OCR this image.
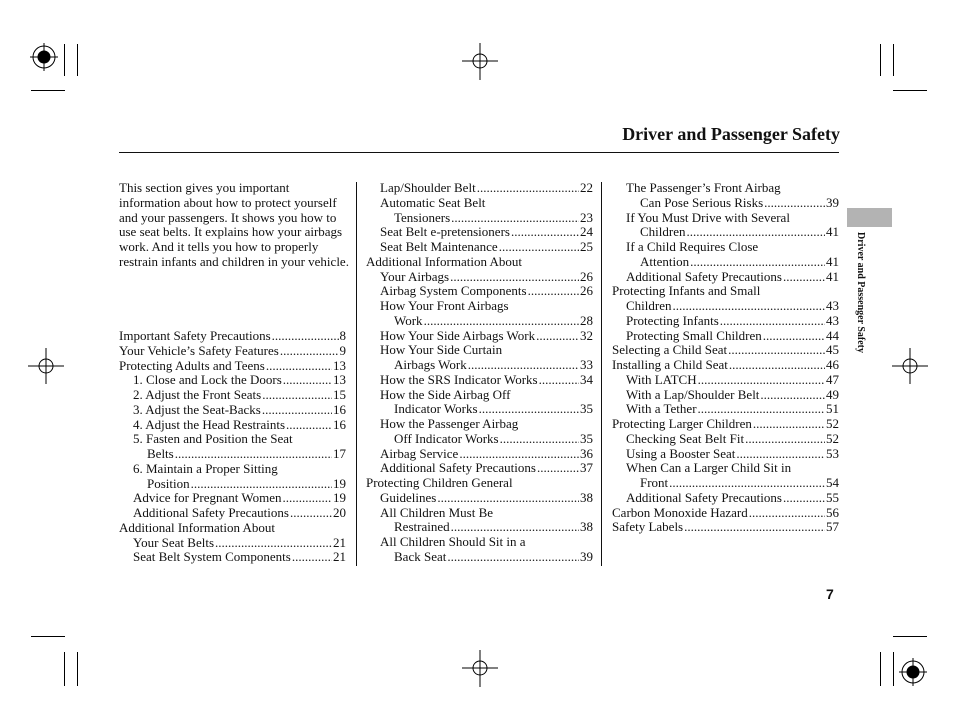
Driver and Passenger Safety
Driver and Passenger Safety
This section gives you important information about how to protect yourself and your passengers. It shows you how to use seat belts. It explains how your airbags work. And it tells you how to properly restrain infants and children in your vehicle.
Important Safety Precautions .....	8
Your Vehicle’s Safety Features .....	9
Protecting Adults and Teens .....	13
1. Close and Lock the Doors .....	13
2. Adjust the Front Seats .....	15
3. Adjust the Seat-Backs .....	16
4. Adjust the Head Restraints .....	16
5. Fasten and Position the Seat
Belts .....	17
6. Maintain a Proper Sitting
Position .....	19
Advice for Pregnant Women .....	19
Additional Safety Precautions .....	20
Additional Information About
Your Seat Belts .....	21
Seat Belt System Components .....	21
Lap/Shoulder Belt .....	22
Automatic Seat Belt
Tensioners .....	23
Seat Belt e-pretensioners .....	24
Seat Belt Maintenance .....	25
Additional Information About
Your Airbags .....	26
Airbag System Components .....	26
How Your Front Airbags
Work .....	28
How Your Side Airbags Work .....	32
How Your Side Curtain
Airbags Work .....	33
How the SRS Indicator Works .....	34
How the Side Airbag Off
Indicator Works .....	35
How the Passenger Airbag
Off Indicator Works .....	35
Airbag Service .....	36
Additional Safety Precautions .....	37
Protecting Children General
Guidelines .....	38
All Children Must Be
Restrained .....	38
All Children Should Sit in a
Back Seat .....	39
The Passenger’s Front Airbag
Can Pose Serious Risks .....	39
If You Must Drive with Several
Children .....	41
If a Child Requires Close
Attention .....	41
Additional Safety Precautions .....	41
Protecting Infants and Small
Children .....	43
Protecting Infants .....	43
Protecting Small Children .....	44
Selecting a Child Seat .....	45
Installing a Child Seat .....	46
With LATCH .....	47
With a Lap/Shoulder Belt .....	49
With a Tether .....	51
Protecting Larger Children .....	52
Checking Seat Belt Fit .....	52
Using a Booster Seat .....	53
When Can a Larger Child Sit in
Front .....	54
Additional Safety Precautions .....	55
Carbon Monoxide Hazard .....	56
Safety Labels .....	57
7
